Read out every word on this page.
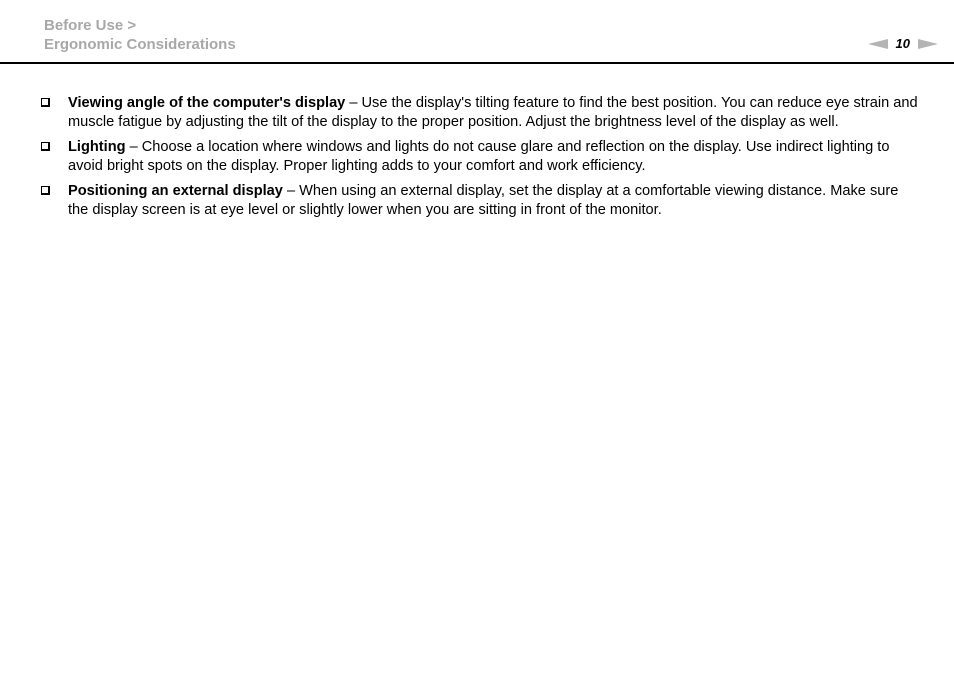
Before Use >
Ergonomic Considerations	10
Viewing angle of the computer's display – Use the display's tilting feature to find the best position. You can reduce eye strain and muscle fatigue by adjusting the tilt of the display to the proper position. Adjust the brightness level of the display as well.
Lighting – Choose a location where windows and lights do not cause glare and reflection on the display. Use indirect lighting to avoid bright spots on the display. Proper lighting adds to your comfort and work efficiency.
Positioning an external display – When using an external display, set the display at a comfortable viewing distance. Make sure the display screen is at eye level or slightly lower when you are sitting in front of the monitor.
